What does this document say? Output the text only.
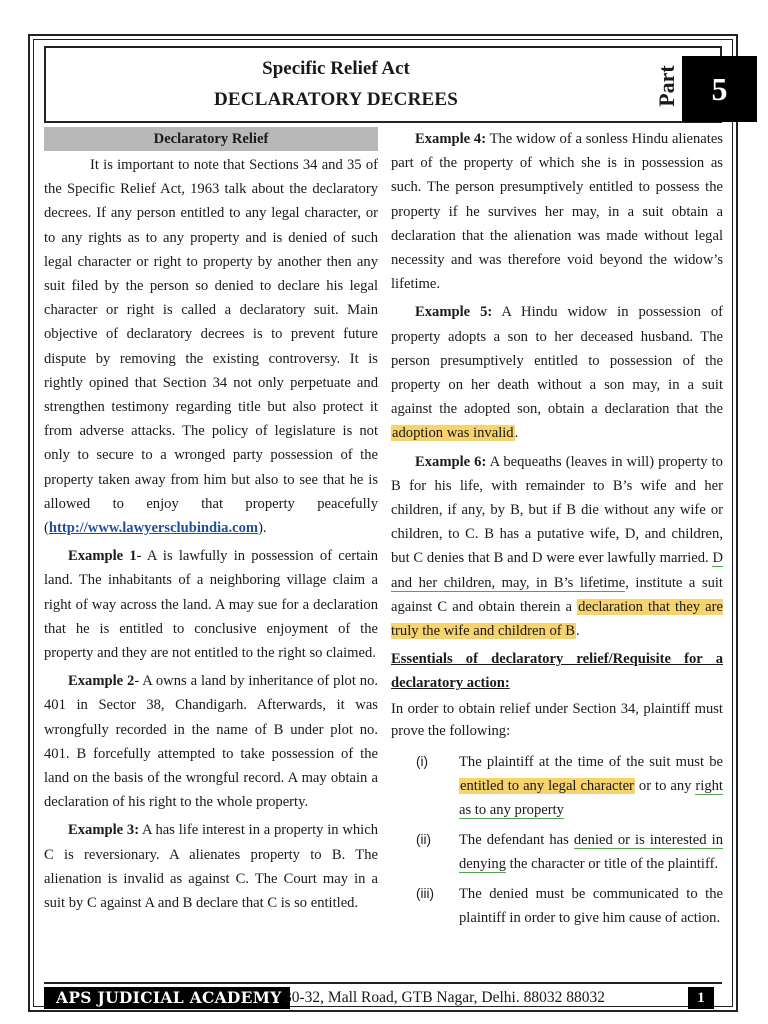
Specific Relief Act
DECLARATORY DECREES	Part	5
Declaratory Relief

It is important to note that Sections 34 and 35 of the Specific Relief Act, 1963 talk about the declaratory decrees. If any person entitled to any legal character, or to any rights as to any property and is denied of such legal character or right to property by another then any suit filed by the person so denied to declare his legal character or right is called a declaratory suit. Main objective of declaratory decrees is to prevent future dispute by removing the existing controversy. It is rightly opined that Section 34 not only perpetuate and strengthen testimony regarding title but also protect it from adverse attacks. The policy of legislature is not only to secure to a wronged party possession of the property taken away from him but also to see that he is allowed to enjoy that property peacefully (http://www.lawyersclubindia.com).

Example 1- A is lawfully in possession of certain land. The inhabitants of a neighboring village claim a right of way across the land. A may sue for a declaration that he is entitled to conclusive enjoyment of the property and they are not entitled to the right so claimed.

Example 2- A owns a land by inheritance of plot no. 401 in Sector 38, Chandigarh. Afterwards, it was wrongfully recorded in the name of B under plot no. 401. B forcefully attempted to take possession of the land on the basis of the wrongful record. A may obtain a declaration of his right to the whole property.

Example 3: A has life interest in a property in which C is reversionary. A alienates property to B. The alienation is invalid as against C. The Court may in a suit by C against A and B declare that C is so entitled.

Example 4: The widow of a sonless Hindu alienates part of the property of which she is in possession as such. The person presumptively entitled to possess the property if he survives her may, in a suit obtain a declaration that the alienation was made without legal necessity and was therefore void beyond the widow’s lifetime.

Example 5: A Hindu widow in possession of property adopts a son to her deceased husband. The person presumptively entitled to possession of the property on her death without a son may, in a suit against the adopted son, obtain a declaration that the adoption was invalid.

Example 6: A bequeaths (leaves in will) property to B for his life, with remainder to B’s wife and her children, if any, by B, but if B die without any wife or children, to C. B has a putative wife, D, and children, but C denies that B and D were ever lawfully married. D and her children, may, in B’s lifetime, institute a suit against C and obtain therein a declaration that they are truly the wife and children of B.

Essentials of declaratory relief/Requisite for a declaratory action:
In order to obtain relief under Section 34, plaintiff must prove the following:
(i) The plaintiff at the time of the suit must be entitled to any legal character or to any right as to any property
(ii) The defendant has denied or is interested in denying the character or title of the plaintiff.
(iii) The denied must be communicated to the plaintiff in order to give him cause of action.
APS JUDICIAL ACADEMY 30-32, Mall Road, GTB Nagar, Delhi. 88032 88032	1
